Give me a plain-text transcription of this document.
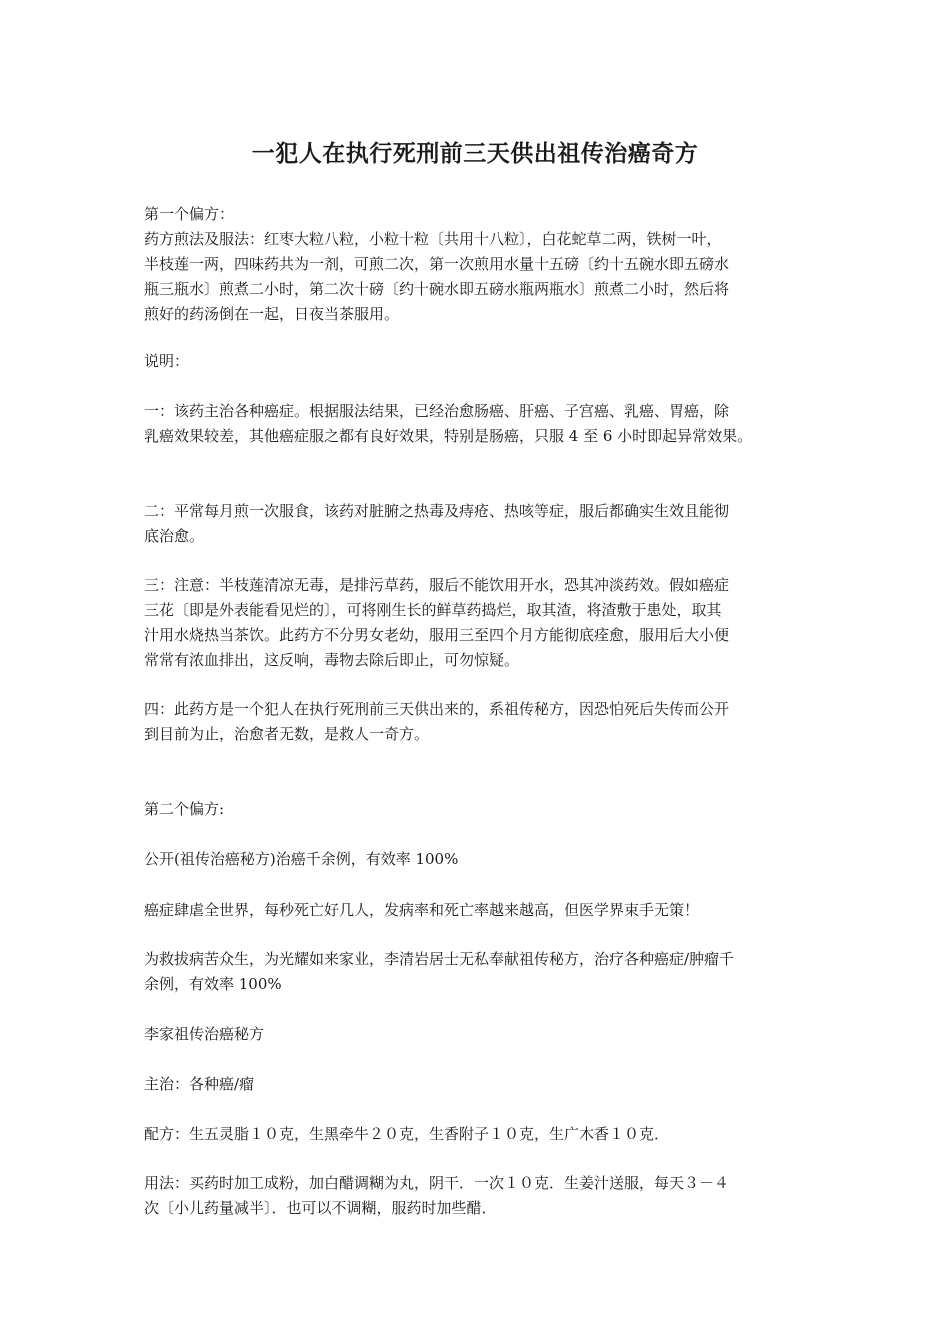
一犯人在执行死刑前三天供出祖传治癌奇方
第一个偏方：
药方煎法及服法：红枣大粒八粒，小粒十粒〔共用十八粒〕，白花蛇草二两，铁树一叶，
半枝莲一两，四味药共为一剂，可煎二次，第一次煎用水量十五磅〔约十五碗水即五磅水
瓶三瓶水〕煎煮二小时，第二次十磅〔约十碗水即五磅水瓶两瓶水〕煎煮二小时，然后将
煎好的药汤倒在一起，日夜当茶服用。
说明：
一：该药主治各种癌症。根据服法结果，已经治愈肠癌、肝癌、子宫癌、乳癌、胃癌，除
乳癌效果较差，其他癌症服之都有良好效果，特别是肠癌，只服 4 至 6 小时即起异常效果。
二：平常每月煎一次服食，该药对脏腑之热毒及痔疮、热咳等症，服后都确实生效且能彻
底治愈。
三：注意：半枝莲清凉无毒，是排污草药，服后不能饮用开水，恐其冲淡药效。假如癌症
三花〔即是外表能看见烂的〕，可将刚生长的鲜草药捣烂，取其渣，将渣敷于患处，取其
汁用水烧热当茶饮。此药方不分男女老幼，服用三至四个月方能彻底痊愈，服用后大小便
常常有浓血排出，这反响，毒物去除后即止，可勿惊疑。
四：此药方是一个犯人在执行死刑前三天供出来的，系祖传秘方，因恐怕死后失传而公开
到目前为止，治愈者无数，是救人一奇方。
第二个偏方:
公开(祖传治癌秘方)治癌千余例，有效率 100%
癌症肆虐全世界，每秒死亡好几人，发病率和死亡率越来越高，但医学界束手无策！
为救拔病苦众生，为光耀如来家业，李清岩居士无私奉献祖传秘方，治疗各种癌症/肿瘤千
余例，有效率 100%
李家祖传治癌秘方
主治：各种癌/瘤
配方：生五灵脂１０克，生黑牵牛２０克，生香附子１０克，生广木香１０克．
用法：买药时加工成粉，加白醋调糊为丸，阴干．一次１０克．生姜汁送服，每天３－４
次〔小儿药量减半〕．也可以不调糊，服药时加些醋．
